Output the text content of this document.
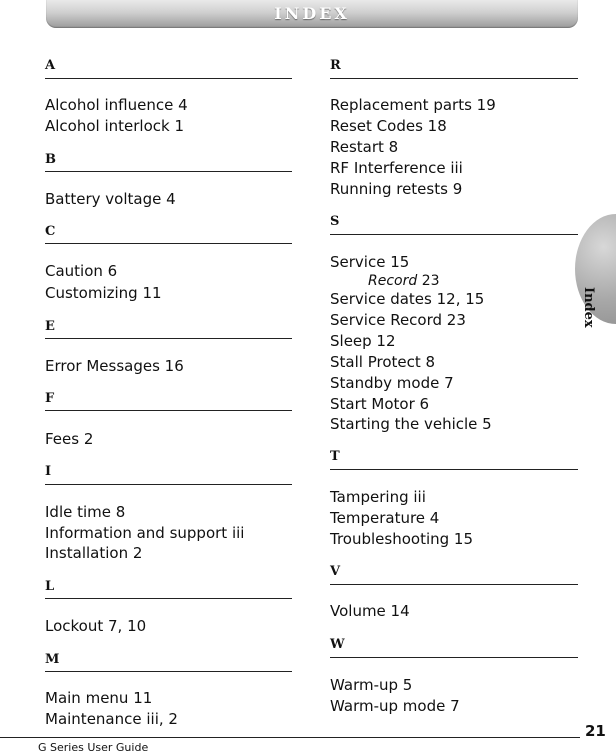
INDEX
Index
A
Alcohol influence 4
Alcohol interlock 1
B
Battery voltage 4
C
Caution 6
Customizing 11
E
Error Messages 16
F
Fees 2
I
Idle time 8
Information and support iii
Installation 2
L
Lockout 7, 10
M
Main menu 11
Maintenance iii, 2
R
Replacement parts 19
Reset Codes 18
Restart 8
RF Interference iii
Running retests 9
S
Service 15
Record 23
Service dates 12, 15
Service Record 23
Sleep 12
Stall Protect 8
Standby mode 7
Start Motor 6
Starting the vehicle 5
T
Tampering iii
Temperature 4
Troubleshooting 15
V
Volume 14
W
Warm-up 5
Warm-up mode 7
G Series User Guide
21
